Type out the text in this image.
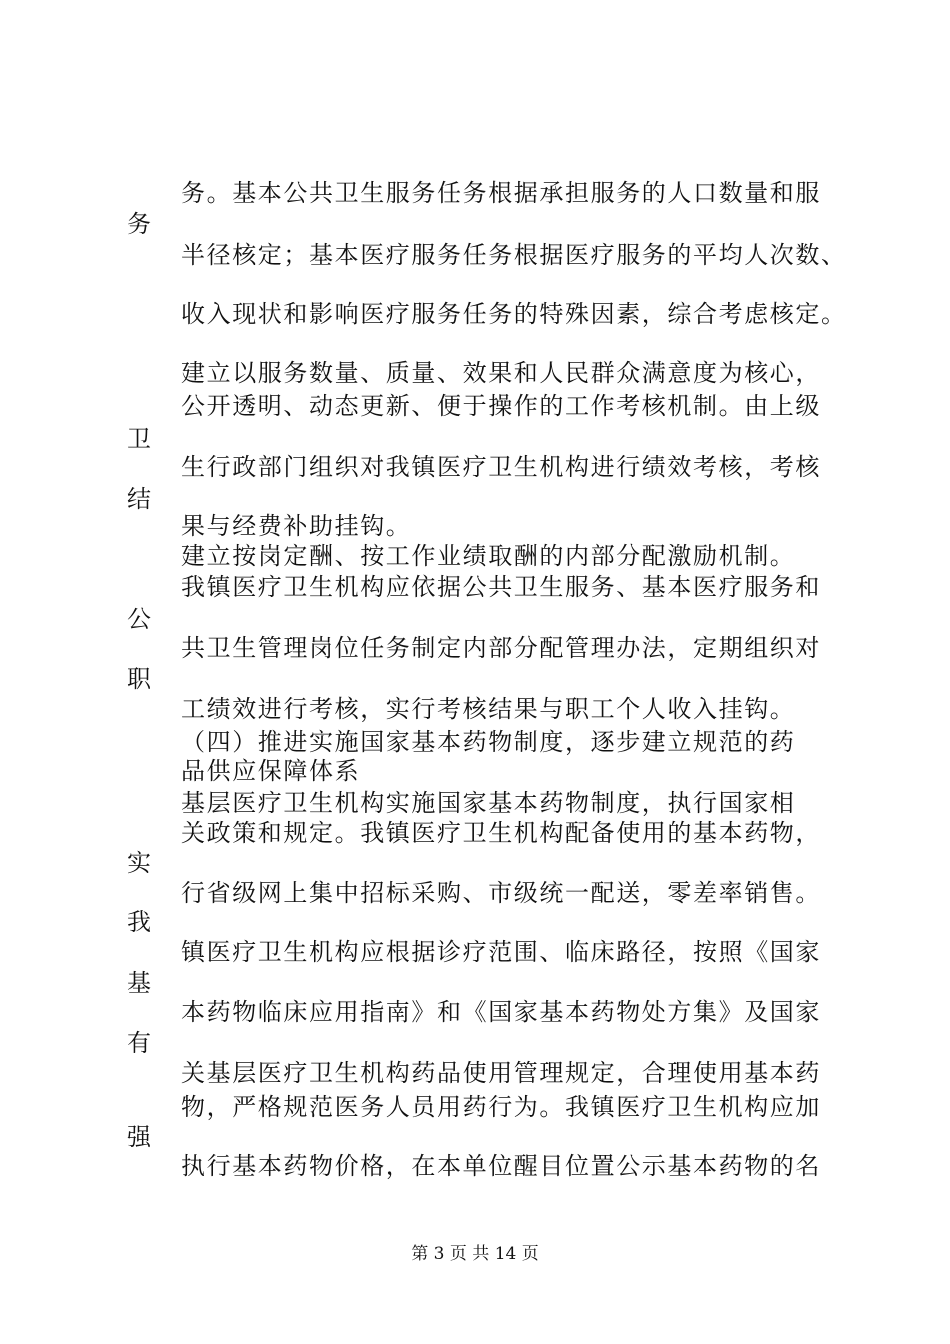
务。基本公共卫生服务任务根据承担服务的人口数量和服
务
半径核定；基本医疗服务任务根据医疗服务的平均人次数、
收入现状和影响医疗服务任务的特殊因素，综合考虑核定。
建立以服务数量、质量、效果和人民群众满意度为核心，
公开透明、动态更新、便于操作的工作考核机制。由上级
卫
生行政部门组织对我镇医疗卫生机构进行绩效考核，考核
结
果与经费补助挂钩。
建立按岗定酬、按工作业绩取酬的内部分配激励机制。
我镇医疗卫生机构应依据公共卫生服务、基本医疗服务和
公
共卫生管理岗位任务制定内部分配管理办法，定期组织对
职
工绩效进行考核，实行考核结果与职工个人收入挂钩。
（四）推进实施国家基本药物制度，逐步建立规范的药
品供应保障体系
基层医疗卫生机构实施国家基本药物制度，执行国家相
关政策和规定。我镇医疗卫生机构配备使用的基本药物，
实
行省级网上集中招标采购、市级统一配送，零差率销售。
我
镇医疗卫生机构应根据诊疗范围、临床路径，按照《国家
基
本药物临床应用指南》和《国家基本药物处方集》及国家
有
关基层医疗卫生机构药品使用管理规定，合理使用基本药
物，严格规范医务人员用药行为。我镇医疗卫生机构应加
强
执行基本药物价格，在本单位醒目位置公示基本药物的名
第 3 页 共 14 页
